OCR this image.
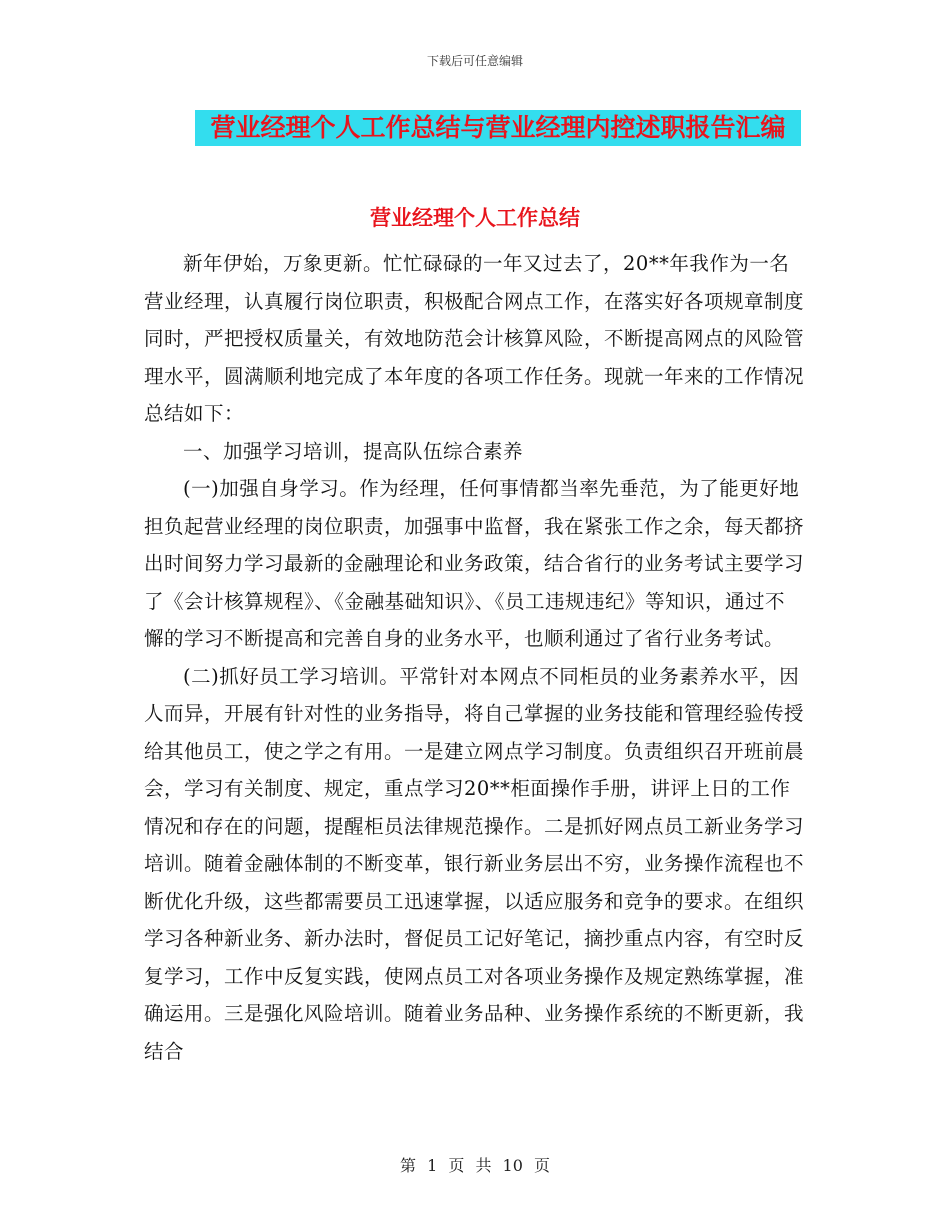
下载后可任意编辑
营业经理个人工作总结与营业经理内控述职报告汇编
营业经理个人工作总结

新年伊始，万象更新。忙忙碌碌的一年又过去了，20**年我作为一名营业经理，认真履行岗位职责，积极配合网点工作，在落实好各项规章制度同时，严把授权质量关，有效地防范会计核算风险，不断提高网点的风险管理水平，圆满顺利地完成了本年度的各项工作任务。现就一年来的工作情况总结如下：

一、加强学习培训，提高队伍综合素养

(一)加强自身学习。作为经理，任何事情都当率先垂范，为了能更好地担负起营业经理的岗位职责，加强事中监督，我在紧张工作之余，每天都挤出时间努力学习最新的金融理论和业务政策，结合省行的业务考试主要学习了《会计核算规程》、《金融基础知识》、《员工违规违纪》等知识，通过不懈的学习不断提高和完善自身的业务水平，也顺利通过了省行业务考试。

(二)抓好员工学习培训。平常针对本网点不同柜员的业务素养水平，因人而异，开展有针对性的业务指导，将自己掌握的业务技能和管理经验传授给其他员工，使之学之有用。一是建立网点学习制度。负责组织召开班前晨会，学习有关制度、规定，重点学习20**柜面操作手册，讲评上日的工作情况和存在的问题，提醒柜员法律规范操作。二是抓好网点员工新业务学习培训。随着金融体制的不断变革，银行新业务层出不穷，业务操作流程也不断优化升级，这些都需要员工迅速掌握，以适应服务和竞争的要求。在组织学习各种新业务、新办法时，督促员工记好笔记，摘抄重点内容，有空时反复学习，工作中反复实践，使网点员工对各项业务操作及规定熟练掌握，准确运用。三是强化风险培训。随着业务品种、业务操作系统的不断更新，我结合

第 1 页 共 10 页
